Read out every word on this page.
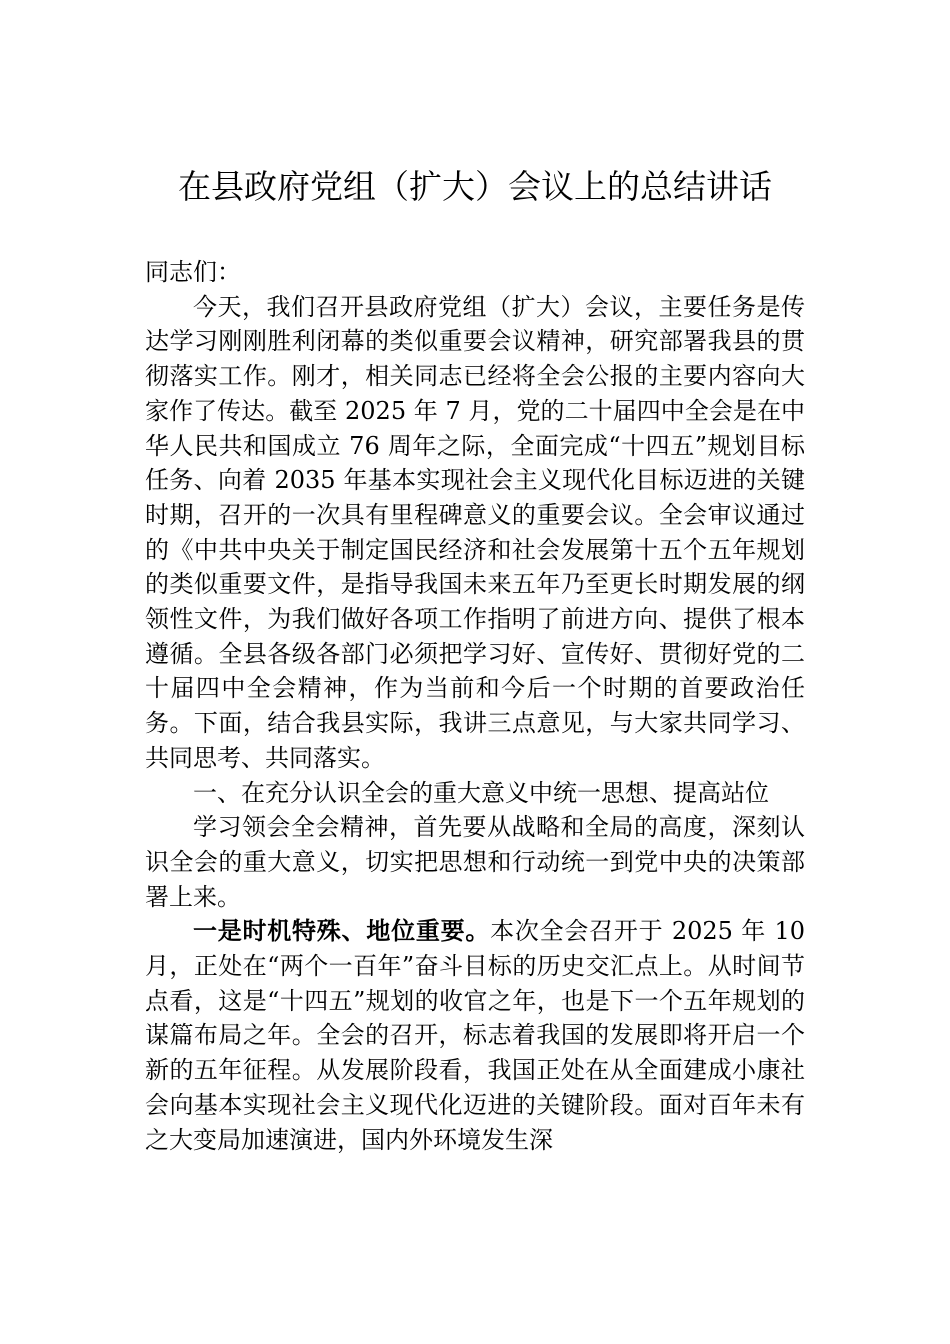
在县政府党组（扩大）会议上的总结讲话

同志们：

今天，我们召开县政府党组（扩大）会议，主要任务是传达学习刚刚胜利闭幕的类似重要会议精神，研究部署我县的贯彻落实工作。刚才，相关同志已经将全会公报的主要内容向大家作了传达。截至 2025 年 7 月，党的二十届四中全会是在中华人民共和国成立 76 周年之际，全面完成“十四五”规划目标任务、向着 2035 年基本实现社会主义现代化目标迈进的关键时期，召开的一次具有里程碑意义的重要会议。全会审议通过的《中共中央关于制定国民经济和社会发展第十五个五年规划的类似重要文件，是指导我国未来五年乃至更长时期发展的纲领性文件，为我们做好各项工作指明了前进方向、提供了根本遵循。全县各级各部门必须把学习好、宣传好、贯彻好党的二十届四中全会精神，作为当前和今后一个时期的首要政治任务。下面，结合我县实际，我讲三点意见，与大家共同学习、共同思考、共同落实。

一、在充分认识全会的重大意义中统一思想、提高站位

学习领会全会精神，首先要从战略和全局的高度，深刻认识全会的重大意义，切实把思想和行动统一到党中央的决策部署上来。

一是时机特殊、地位重要。本次全会召开于 2025 年 10 月，正处在“两个一百年”奋斗目标的历史交汇点上。从时间节点看，这是“十四五”规划的收官之年，也是下一个五年规划的谋篇布局之年。全会的召开，标志着我国的发展即将开启一个新的五年征程。从发展阶段看，我国正处在从全面建成小康社会向基本实现社会主义现代化迈进的关键阶段。面对百年未有之大变局加速演进，国内外环境发生深
